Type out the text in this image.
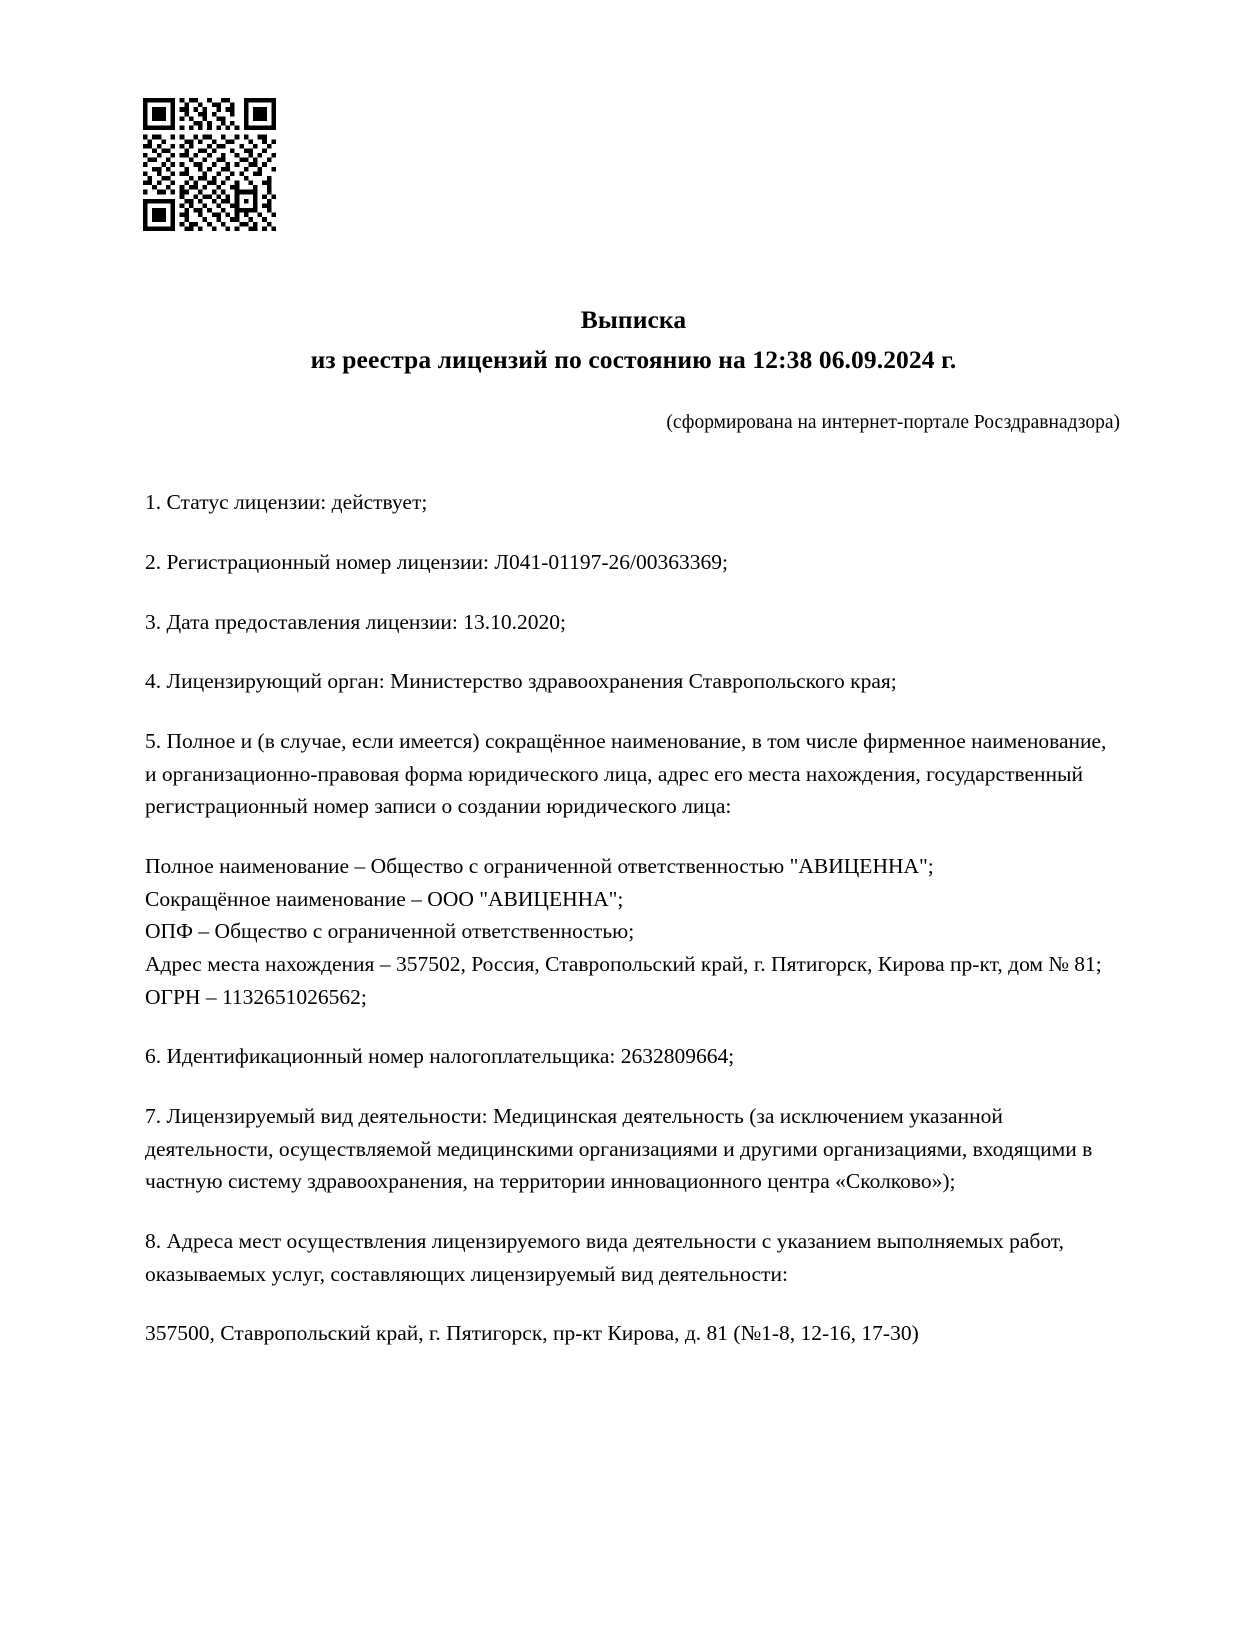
Выписка
из реестра лицензий по состоянию на 12:38 06.09.2024 г.
(сформирована на интернет-портале Росздравнадзора)

1. Статус лицензии: действует;

2. Регистрационный номер лицензии: Л041-01197-26/00363369;

3. Дата предоставления лицензии: 13.10.2020;

4. Лицензирующий орган: Министерство здравоохранения Ставропольского края;

5. Полное и (в случае, если имеется) сокращённое наименование, в том числе фирменное наименование, и организационно-правовая форма юридического лица, адрес его места нахождения, государственный регистрационный номер записи о создании юридического лица:

Полное наименование – Общество с ограниченной ответственностью "АВИЦЕННА";
Сокращённое наименование – ООО "АВИЦЕННА";
ОПФ – Общество с ограниченной ответственностью;
Адрес места нахождения – 357502, Россия, Ставропольский край, г. Пятигорск, Кирова пр-кт, дом № 81;
ОГРН – 1132651026562;

6. Идентификационный номер налогоплательщика: 2632809664;

7. Лицензируемый вид деятельности: Медицинская деятельность (за исключением указанной деятельности, осуществляемой медицинскими организациями и другими организациями, входящими в частную систему здравоохранения, на территории инновационного центра «Сколково»);

8. Адреса мест осуществления лицензируемого вида деятельности с указанием выполняемых работ, оказываемых услуг, составляющих лицензируемый вид деятельности:

357500, Ставропольский край, г. Пятигорск, пр-кт Кирова, д. 81 (№1-8, 12-16, 17-30)
